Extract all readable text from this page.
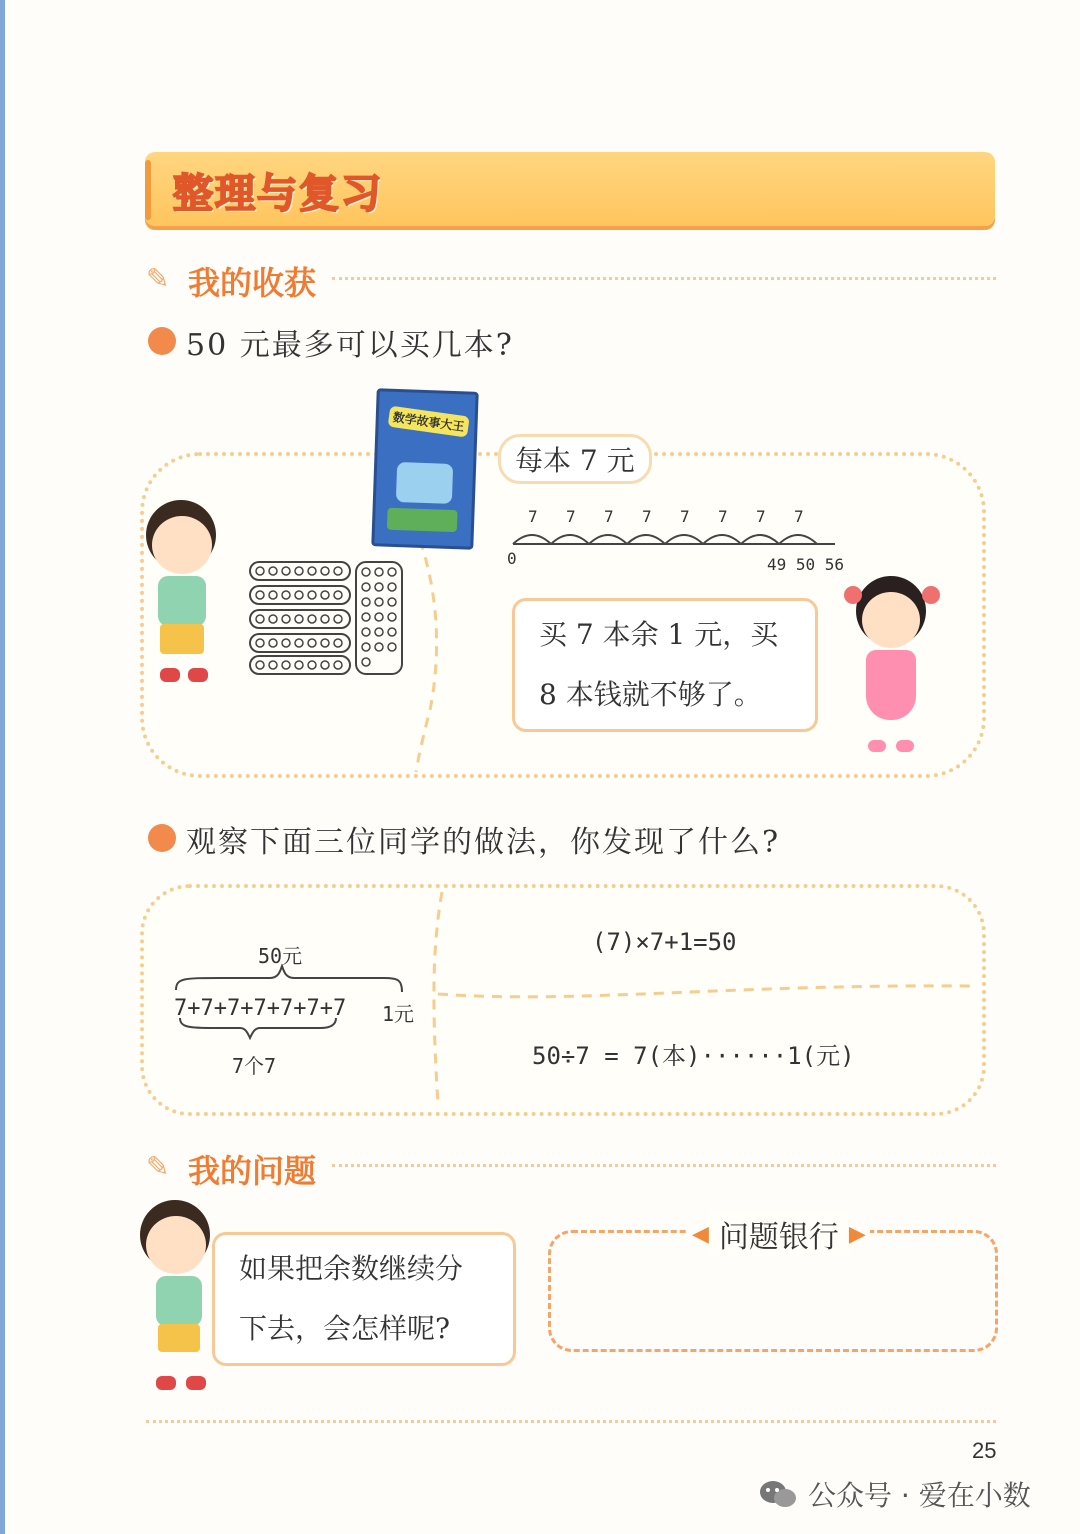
整理与复习
✎ 我的收获
50 元最多可以买几本?
数学故事大王
每本 7 元
7 7 7 7 7 7 7 7
0	49 50 56
买 7 本余 1 元，买
8 本钱就不够了。
观察下面三位同学的做法，你发现了什么?
50元
7+7+7+7+7+7+7 1元
7个7
(7)×7+1=50
50÷7 = 7(本)······1(元)
✎ 我的问题
如果把余数继续分
下去，会怎样呢?
◀ 问题银行 ▶
25
公众号 · 爱在小数
